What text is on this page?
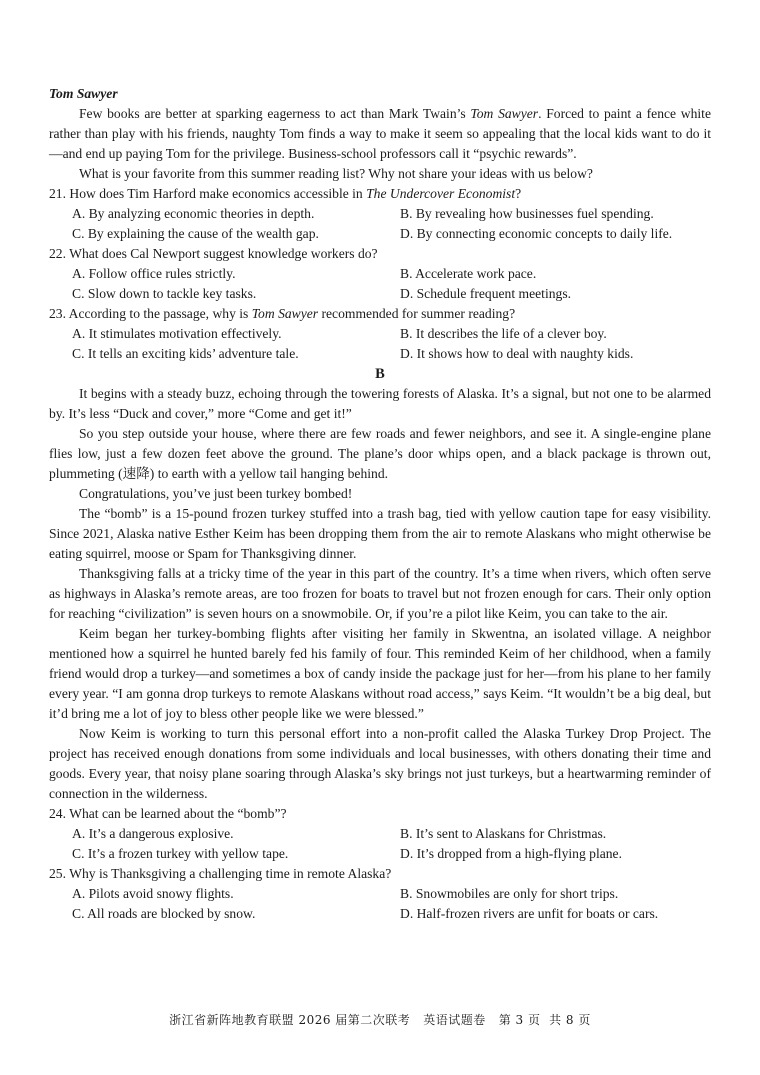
Tom Sawyer
Few books are better at sparking eagerness to act than Mark Twain’s Tom Sawyer. Forced to paint a fence white rather than play with his friends, naughty Tom finds a way to make it seem so appealing that the local kids want to do it—and end up paying Tom for the privilege. Business-school professors call it “psychic rewards”.
What is your favorite from this summer reading list? Why not share your ideas with us below?
21. How does Tim Harford make economics accessible in The Undercover Economist?
A. By analyzing economic theories in depth.	B. By revealing how businesses fuel spending.
C. By explaining the cause of the wealth gap.	D. By connecting economic concepts to daily life.
22. What does Cal Newport suggest knowledge workers do?
A. Follow office rules strictly.	B. Accelerate work pace.
C. Slow down to tackle key tasks.	D. Schedule frequent meetings.
23. According to the passage, why is Tom Sawyer recommended for summer reading?
A. It stimulates motivation effectively.	B. It describes the life of a clever boy.
C. It tells an exciting kids’ adventure tale.	D. It shows how to deal with naughty kids.
B
It begins with a steady buzz, echoing through the towering forests of Alaska. It’s a signal, but not one to be alarmed by. It’s less “Duck and cover,” more “Come and get it!”
So you step outside your house, where there are few roads and fewer neighbors, and see it. A single-engine plane flies low, just a few dozen feet above the ground. The plane’s door whips open, and a black package is thrown out, plummeting (速降) to earth with a yellow tail hanging behind.
Congratulations, you’ve just been turkey bombed!
The “bomb” is a 15-pound frozen turkey stuffed into a trash bag, tied with yellow caution tape for easy visibility. Since 2021, Alaska native Esther Keim has been dropping them from the air to remote Alaskans who might otherwise be eating squirrel, moose or Spam for Thanksgiving dinner.
Thanksgiving falls at a tricky time of the year in this part of the country. It’s a time when rivers, which often serve as highways in Alaska’s remote areas, are too frozen for boats to travel but not frozen enough for cars. Their only option for reaching “civilization” is seven hours on a snowmobile. Or, if you’re a pilot like Keim, you can take to the air.
Keim began her turkey-bombing flights after visiting her family in Skwentna, an isolated village. A neighbor mentioned how a squirrel he hunted barely fed his family of four. This reminded Keim of her childhood, when a family friend would drop a turkey—and sometimes a box of candy inside the package just for her—from his plane to her family every year. “I am gonna drop turkeys to remote Alaskans without road access,” says Keim. “It wouldn’t be a big deal, but it’d bring me a lot of joy to bless other people like we were blessed.”
Now Keim is working to turn this personal effort into a non-profit called the Alaska Turkey Drop Project. The project has received enough donations from some individuals and local businesses, with others donating their time and goods. Every year, that noisy plane soaring through Alaska’s sky brings not just turkeys, but a heartwarming reminder of connection in the wilderness.
24. What can be learned about the “bomb”?
A. It’s a dangerous explosive.	B. It’s sent to Alaskans for Christmas.
C. It’s a frozen turkey with yellow tape.	D. It’s dropped from a high-flying plane.
25. Why is Thanksgiving a challenging time in remote Alaska?
A. Pilots avoid snowy flights.	B. Snowmobiles are only for short trips.
C. All roads are blocked by snow.	D. Half-frozen rivers are unfit for boats or cars.
浙江省新阵地教育联盟 2026 届第二次联考   英语试题卷   第 3 页  共 8 页
